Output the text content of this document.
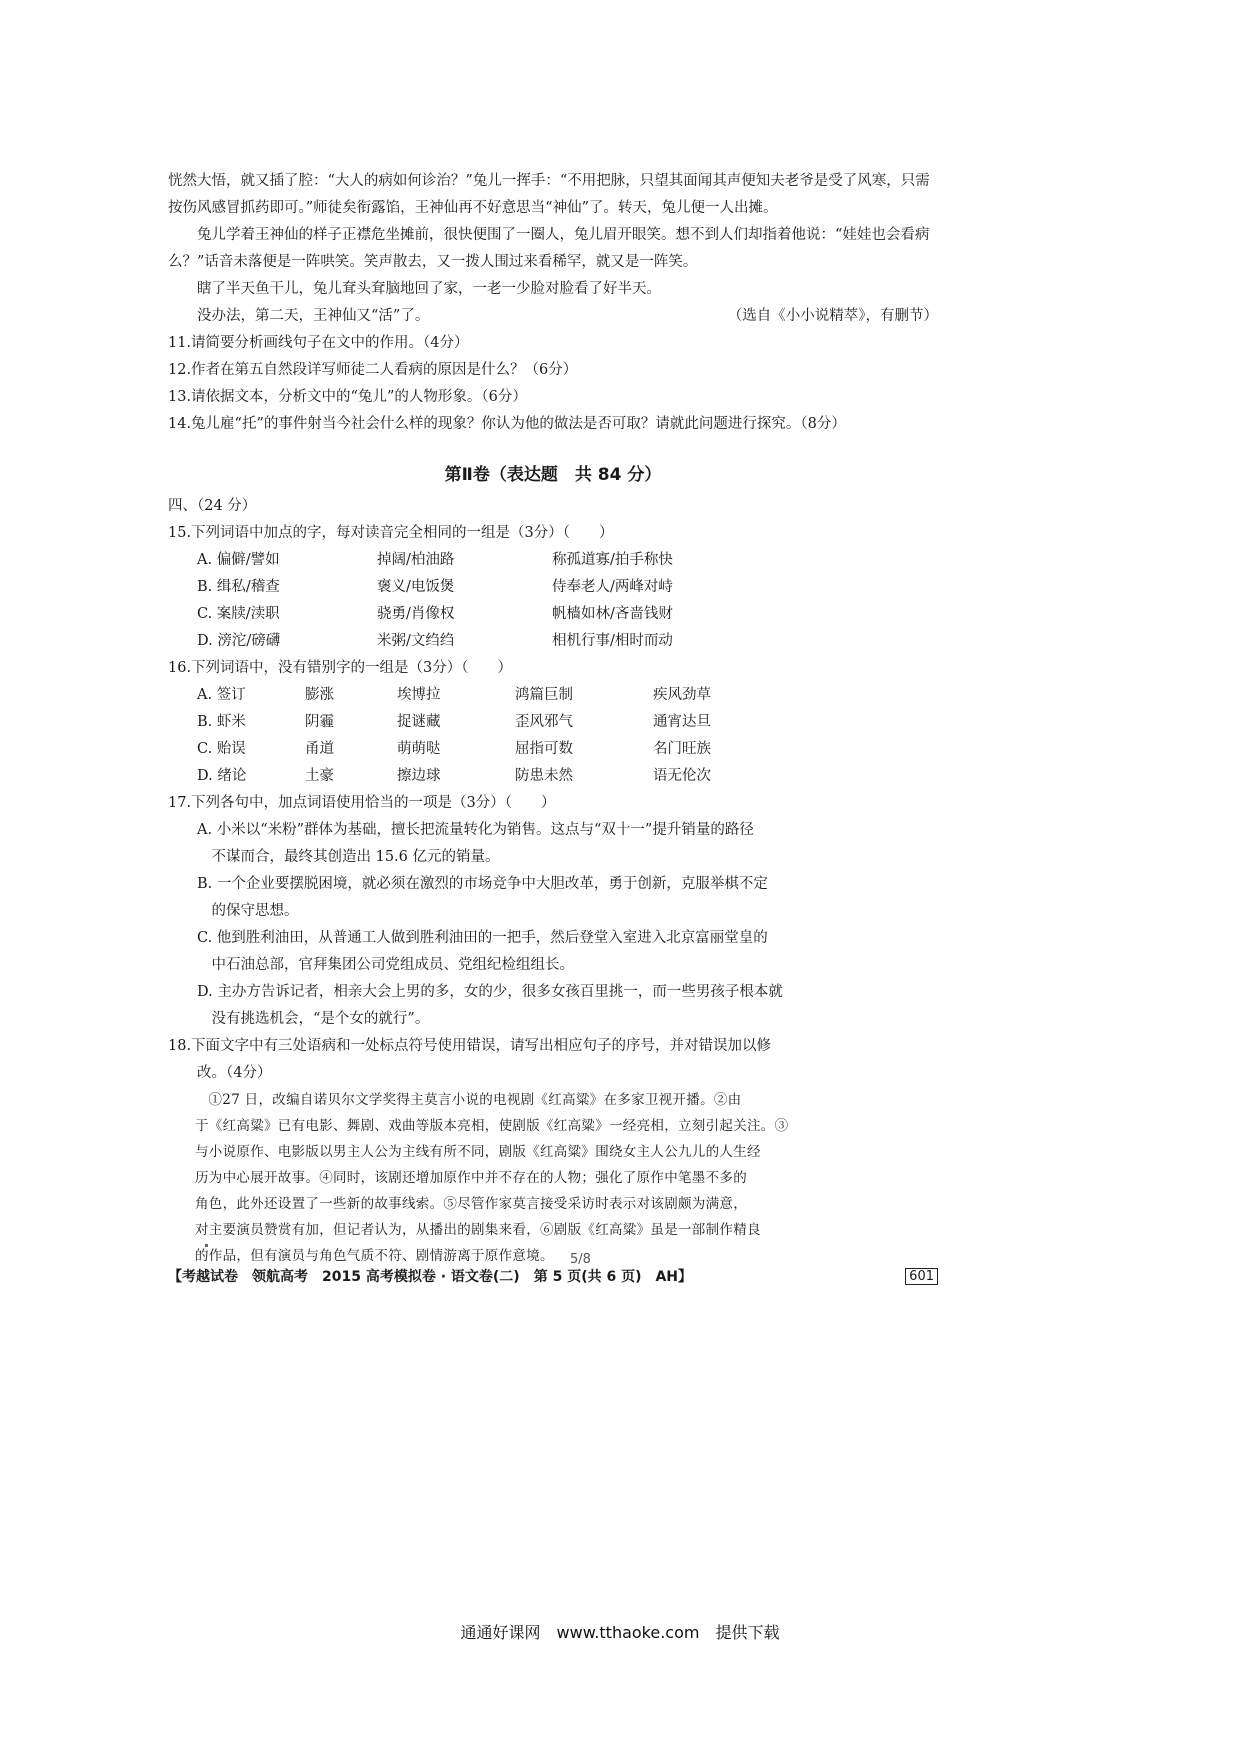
恍然大悟，就又插了腔：“大人的病如何诊治？”兔儿一挥手：“不用把脉，只望其面闻其声便知夫老爷是受了风寒，只需按伤风感冒抓药即可。”师徒矣衔露馅，王神仙再不好意思当“神仙”了。转天，兔儿便一人出摊。

兔儿学着王神仙的样子正襟危坐摊前，很快便围了一圈人，兔儿眉开眼笑。想不到人们却指着他说：“娃娃也会看病么？”话音未落便是一阵哄笑。笑声散去，又一拨人围过来看稀罕，就又是一阵笑。

瞎了半天鱼干儿，兔儿耷头耷脑地回了家，一老一少脸对脸看了好半天。

没办法，第二天，王神仙又“活”了。	（选自《小小说精萃》，有删节）

11.请简要分析画线句子在文中的作用。（4分）

12.作者在第五自然段详写师徒二人看病的原因是什么？（6分）

13.请依据文本，分析文中的“兔儿”的人物形象。（6分）

14.兔儿雇“托”的事件射当今社会什么样的现象？你认为他的做法是否可取？请就此问题进行探究。（8分）

第Ⅱ卷（表达题　共 84 分）

四、（24 分）

15.下列词语中加点的字，每对读音完全相同的一组是（3分）（　　）

A. 偏僻/譬如	掉阔/柏油路	称孤道寡/拍手称快
B. 缉私/稽查	褒义/电饭煲	侍奉老人/两峰对峙
C. 案牍/渎职	骁勇/肖像权	帆樯如林/吝啬钱财
D. 滂沱/磅礴	米粥/文绉绉	相机行事/相时而动

16.下列词语中，没有错别字的一组是（3分）（　　）

A. 签订	膨涨	埃博拉	鸿篇巨制	疾风劲草
B. 虾米	阴霾	捉谜藏	歪风邪气	通宵达旦
C. 贻误	甬道	萌萌哒	屈指可数	名门旺族
D. 绪论	土豪	擦边球	防患未然	语无伦次

17.下列各句中，加点词语使用恰当的一项是（3分）（　　）

A. 小米以“米粉”群体为基础，擅长把流量转化为销售。这点与“双十一”提升销量的路径

不谋而合，最终其创造出 15.6 亿元的销量。

B. 一个企业要摆脱困境，就必须在激烈的市场竞争中大胆改革，勇于创新，克服举棋不定

的保守思想。

C. 他到胜利油田，从普通工人做到胜利油田的一把手，然后登堂入室进入北京富丽堂皇的

中石油总部，官拜集团公司党组成员、党组纪检组组长。

D. 主办方告诉记者，相亲大会上男的多，女的少，很多女孩百里挑一，而一些男孩子根本就

没有挑选机会，“是个女的就行”。

18.下面文字中有三处语病和一处标点符号使用错误，请写出相应句子的序号，并对错误加以修

改。（4分）

①27 日，改编自诺贝尔文学奖得主莫言小说的电视剧《红高粱》在多家卫视开播。②由
于《红高粱》已有电影、舞剧、戏曲等版本亮相，使剧版《红高粱》一经亮相，立刻引起关注。③
与小说原作、电影版以男主人公为主线有所不同，剧版《红高粱》围绕女主人公九儿的人生经
历为中心展开故事。④同时，该剧还增加原作中并不存在的人物；强化了原作中笔墨不多的
角色，此外还设置了一些新的故事线索。⑤尽管作家莫言接受采访时表示对该剧颇为满意，
对主要演员赞赏有加，但记者认为，从播出的剧集来看，⑥剧版《红高粱》虽是一部制作精良
的作品，但有演员与角色气质不符、剧情游离于原作意境。	5/8
【考越试卷　领航高考　2015 高考模拟卷 · 语文卷(二)　第 5 页(共 6 页)　AH】	601
通通好课网　www.tthaoke.com　提供下载
